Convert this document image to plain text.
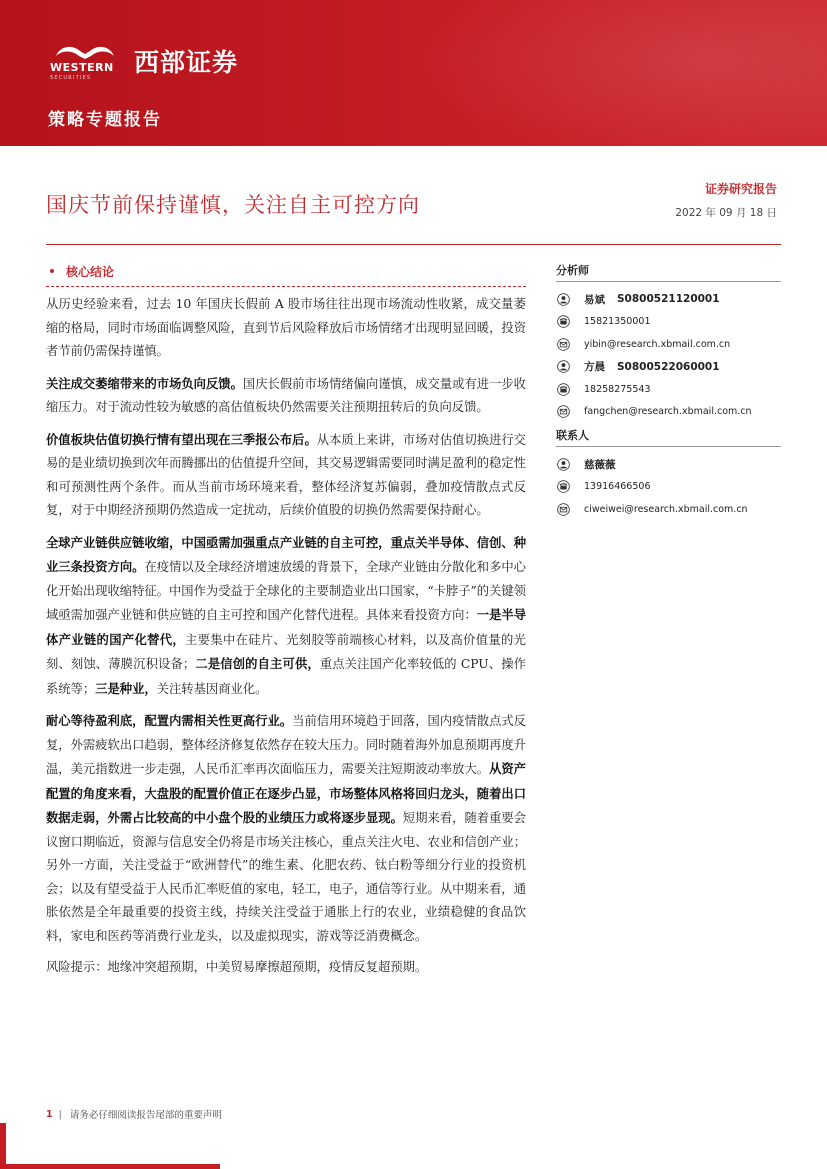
WESTERN
SECURITIES
西部证券
策略专题报告
国庆节前保持谨慎，关注自主可控方向
证券研究报告
2022 年 09 月 18 日
核心结论

从历史经验来看，过去 10 年国庆长假前 A 股市场往往出现市场流动性收紧，成交量萎缩的格局，同时市场面临调整风险，直到节后风险释放后市场情绪才出现明显回暖，投资者节前仍需保持谨慎。

关注成交萎缩带来的市场负向反馈。国庆长假前市场情绪偏向谨慎，成交量或有进一步收缩压力。对于流动性较为敏感的高估值板块仍然需要关注预期扭转后的负向反馈。

价值板块估值切换行情有望出现在三季报公布后。从本质上来讲，市场对估值切换进行交易的是业绩切换到次年而腾挪出的估值提升空间，其交易逻辑需要同时满足盈利的稳定性和可预测性两个条件。而从当前市场环境来看，整体经济复苏偏弱，叠加疫情散点式反复，对于中期经济预期仍然造成一定扰动，后续价值股的切换仍然需要保持耐心。

全球产业链供应链收缩，中国亟需加强重点产业链的自主可控，重点关半导体、信创、种业三条投资方向。在疫情以及全球经济增速放缓的背景下，全球产业链由分散化和多中心化开始出现收缩特征。中国作为受益于全球化的主要制造业出口国家，“卡脖子”的关键领域亟需加强产业链和供应链的自主可控和国产化替代进程。具体来看投资方向：一是半导体产业链的国产化替代，主要集中在硅片、光刻胶等前端核心材料，以及高价值量的光刻、刻蚀、薄膜沉积设备；二是信创的自主可供，重点关注国产化率较低的 CPU、操作系统等；三是种业，关注转基因商业化。

耐心等待盈利底，配置内需相关性更高行业。当前信用环境趋于回落，国内疫情散点式反复，外需疲软出口趋弱，整体经济修复依然存在较大压力。同时随着海外加息预期再度升温，美元指数进一步走强，人民币汇率再次面临压力，需要关注短期波动率放大。从资产配置的角度来看，大盘股的配置价值正在逐步凸显，市场整体风格将回归龙头，随着出口数据走弱，外需占比较高的中小盘个股的业绩压力或将逐步显现。短期来看，随着重要会议窗口期临近，资源与信息安全仍将是市场关注核心，重点关注火电、农业和信创产业；另外一方面，关注受益于“欧洲替代”的维生素、化肥农药、钛白粉等细分行业的投资机会；以及有望受益于人民币汇率贬值的家电，轻工，电子，通信等行业。从中期来看，通胀依然是全年最重要的投资主线，持续关注受益于通胀上行的农业，业绩稳健的食品饮料，家电和医药等消费行业龙头，以及虚拟现实，游戏等泛消费概念。

风险提示：地缘冲突超预期，中美贸易摩擦超预期，疫情反复超预期。

分析师
易斌 S0800521120001
15821350001
yibin@research.xbmail.com.cn
方晨 S0800522060001
18258275543
fangchen@research.xbmail.com.cn
联系人
慈薇薇
13916466506
ciweiwei@research.xbmail.com.cn
1 | 请务必仔细阅读报告尾部的重要声明
